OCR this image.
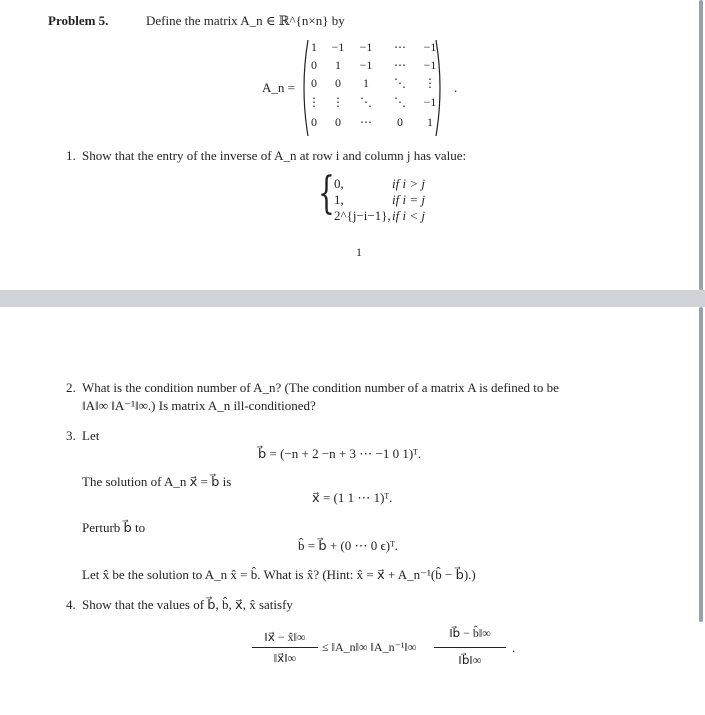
Problem 5.	Define the matrix A_n ∈ ℝ^{n×n} by
A_n =
1	−1	−1	⋯	−1
0	1	−1	⋯	−1
0	0	1	⋱	⋮
⋮	⋮	⋱	⋱	−1
0	0	⋯	0	1
.
1. Show that the entry of the inverse of A_n at row i and column j has value:
{ 0,	if i > j
1,	if i = j
2^{j−i−1}, if i < j
1
2. What is the condition number of A_n? (The condition number of a matrix A is defined to be
‖A‖∞ ‖A⁻¹‖∞.) Is matrix A_n ill-conditioned?
3. Let
b⃗ = (−n + 2 −n + 3 ⋯ −1 0 1)ᵀ.
The solution of A_n x⃗ = b⃗ is
x⃗ = (1 1 ⋯ 1)ᵀ.
Perturb b⃗ to
b̂ = b⃗ + (0 ⋯ 0 ϵ)ᵀ.
Let x̂ be the solution to A_n x̂ = b̂. What is x̂? (Hint: x̂ = x⃗ + A_n⁻¹(b̂ − b⃗).)
4. Show that the values of b⃗, b̂, x⃗, x̂ satisfy
‖x⃗ − x̂‖∞
‖x⃗‖∞
≤ ‖A_n‖∞ ‖A_n⁻¹‖∞
‖b⃗ − b̂‖∞
‖b⃗‖∞
.
